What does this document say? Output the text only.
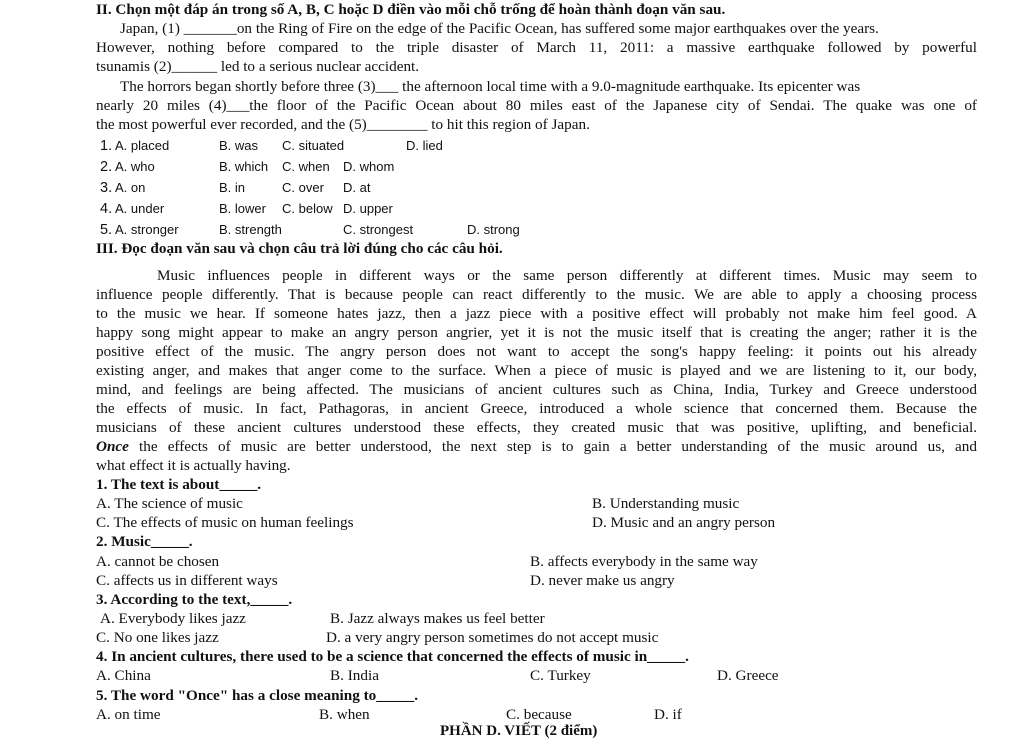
II. Chọn một đáp án trong số A, B, C hoặc D điền vào mỗi chỗ trống để hoàn thành đoạn văn sau.
Japan, (1) _______on the Ring of Fire on the edge of the Pacific Ocean, has suffered some major earthquakes over the years.
However, nothing before compared to the triple disaster of March 11, 2011: a massive earthquake followed by powerful
tsunamis (2)______ led to a serious nuclear accident.
The horrors began shortly before three (3)___ the afternoon local time with a 9.0-magnitude earthquake. Its epicenter was
nearly 20 miles (4)___the floor of the Pacific Ocean about 80 miles east of the Japanese city of Sendai. The quake was one of
the most powerful ever recorded, and the (5)________ to hit this region of Japan.
1. A. placed	B. was C. situated	D. lied
2. A. who	B. which C. when D. whom
3. A. on	B. in	C. over D. at
4. A. under	B. lower C. below D. upper
5. A. stronger	B. strength	C. strongest	D. strong
III. Đọc đoạn văn sau và chọn câu trả lời đúng cho các câu hỏi.
Music influences people in different ways or the same person differently at different times. Music may seem to
influence people differently. That is because people can react differently to the music. We are able to apply a choosing process
to the music we hear. If someone hates jazz, then a jazz piece with a positive effect will probably not make him feel good. A
happy song might appear to make an angry person angrier, yet it is not the music itself that is creating the anger; rather it is the
positive effect of the music. The angry person does not want to accept the song's happy feeling: it points out his already
existing anger, and makes that anger come to the surface. When a piece of music is played and we are listening to it, our body,
mind, and feelings are being affected. The musicians of ancient cultures such as China, India, Turkey and Greece understood
the effects of music. In fact, Pathagoras, in ancient Greece, introduced a whole science that concerned them. Because the
musicians of these ancient cultures understood these effects, they created music that was positive, uplifting, and beneficial.
Once the effects of music are better understood, the next step is to gain a better understanding of the music around us, and
what effect it is actually having.
1. The text is about_____.
A. The science of music	B. Understanding music
C. The effects of music on human feelings	D. Music and an angry person
2. Music_____.
A. cannot be chosen	B. affects everybody in the same way
C. affects us in different ways	D. never make us angry
3. According to the text,_____.
A. Everybody likes jazz	B. Jazz always makes us feel better
C. No one likes jazz	D. a very angry person sometimes do not accept music
4. In ancient cultures, there used to be a science that concerned the effects of music in_____.
A. China	B. India	C. Turkey	D. Greece
5. The word "Once" has a close meaning to_____.
A. on time	B. when	C. because	D. if
PHẦN D. VIẾT (2 điểm)
